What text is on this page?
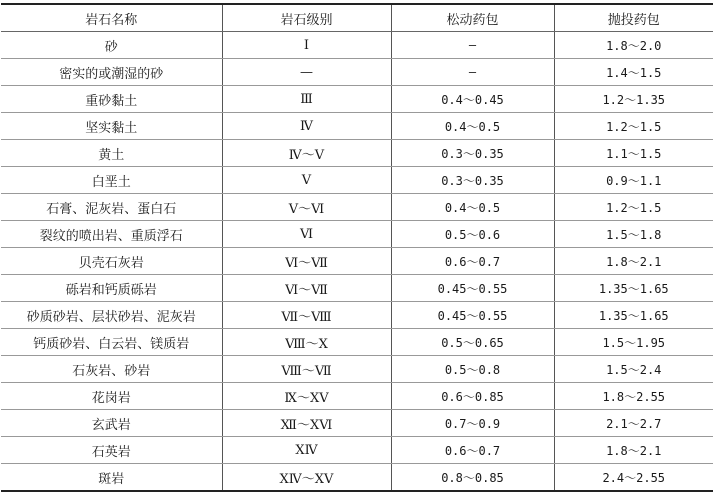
岩石名称	岩石级别	松动药包	抛投药包
砂	Ⅰ	—	1.8～2.0
密实的或潮湿的砂	—	—	1.4～1.5
重砂黏土	Ⅲ	0.4～0.45	1.2～1.35
坚实黏土	Ⅳ	0.4～0.5	1.2～1.5
黄土	Ⅳ～Ⅴ	0.3～0.35	1.1～1.5
白垩土	Ⅴ	0.3～0.35	0.9～1.1
石膏、泥灰岩、蛋白石	Ⅴ～Ⅵ	0.4～0.5	1.2～1.5
裂纹的喷出岩、重质浮石	Ⅵ	0.5～0.6	1.5～1.8
贝壳石灰岩	Ⅵ～Ⅶ	0.6～0.7	1.8～2.1
砾岩和钙质砾岩	Ⅵ～Ⅶ	0.45～0.55	1.35～1.65
砂质砂岩、层状砂岩、泥灰岩	Ⅶ～Ⅷ	0.45～0.55	1.35～1.65
钙质砂岩、白云岩、镁质岩	Ⅷ～Ⅹ	0.5～0.65	1.5～1.95
石灰岩、砂岩	Ⅷ～Ⅶ	0.5～0.8	1.5～2.4
花岗岩	Ⅸ～ⅩⅤ	0.6～0.85	1.8～2.55
玄武岩	Ⅻ～ⅩⅥ	0.7～0.9	2.1～2.7
石英岩	ⅩⅣ	0.6～0.7	1.8～2.1
斑岩	ⅩⅣ～ⅩⅤ	0.8～0.85	2.4～2.55
